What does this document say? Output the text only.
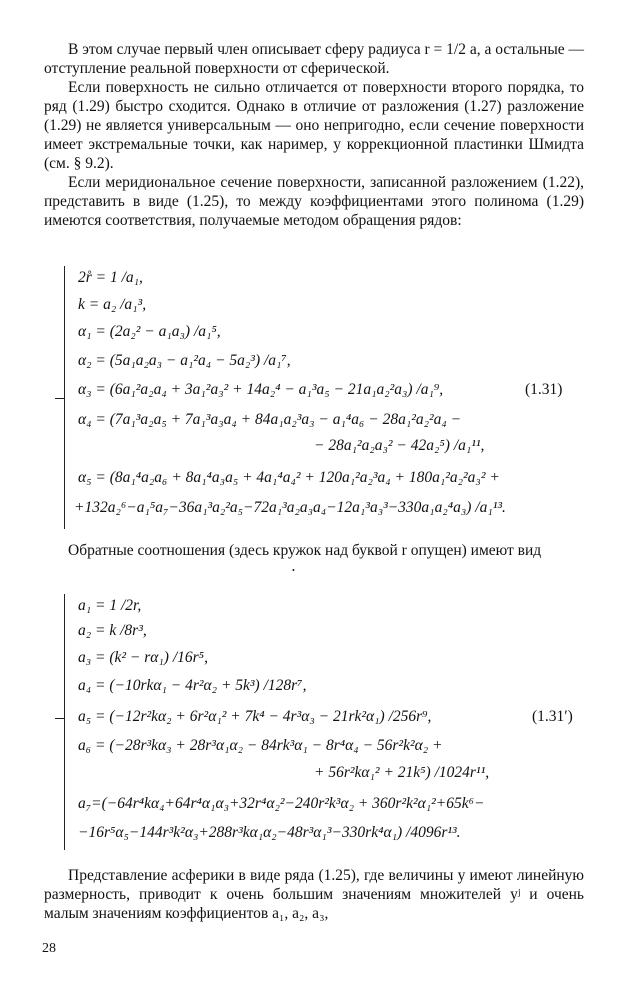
В этом случае первый член описывает сферу радиуса r = 1/2 a, а остальные — отступление реальной поверхности от сферической.

Если поверхность не сильно отличается от поверхности второго порядка, то ряд (1.29) быстро сходится. Однако в отличие от разложения (1.27) разложение (1.29) не является универсальным — оно непригодно, если сечение поверхности имеет экстремальные точки, как наример, у коррекционной пластинки Шмидта (см. § 9.2).

Если меридиональное сечение поверхности, записанной разложением (1.22), представить в виде (1.25), то между коэффициентами этого полинома (1.29) имеются соответствия, получаемые методом обращения рядов:

2r̊ = 1 /a₁,
k = a₂ /a₁³,
α₁ = (2a₂² − a₁a₃) /a₁⁵,
α₂ = (5a₁a₂a₃ − a₁²a₄ − 5a₂³) /a₁⁷,
α₃ = (6a₁²a₂a₄ + 3a₁²a₃² + 14a₂⁴ − a₁³a₅ − 21a₁a₂²a₃) /a₁⁹,
α₄ = (7a₁³a₂a₅ + 7a₁³a₃a₄ + 84a₁a₂³a₃ − a₁⁴a₆ − 28a₁²a₂²a₄ −
− 28a₁²a₂a₃² − 42a₂⁵) /a₁¹¹,
α₅ = (8a₁⁴a₂a₆ + 8a₁⁴a₃a₅ + 4a₁⁴a₄² + 120a₁²a₂³a₄ + 180a₁²a₂²a₃² +
+132a₂⁶−a₁⁵a₇−36a₁³a₂²a₅−72a₁³a₂a₃a₄−12a₁³a₃³−330a₁a₂⁴a₃) /a₁¹³.
(1.31)

Обратные соотношения (здесь кружок над буквой r опущен) имеют вид

•
a₁ = 1 /2r,
a₂ = k /8r³,
a₃ = (k² − rα₁) /16r⁵,
a₄ = (−10rkα₁ − 4r²α₂ + 5k³) /128r⁷,
a₅ = (−12r²kα₂ + 6r²α₁² + 7k⁴ − 4r³α₃ − 21rk²α₁) /256r⁹,
a₆ = (−28r³kα₃ + 28r³α₁α₂ − 84rk³α₁ − 8r⁴α₄ − 56r²k²α₂ +
+ 56r²kα₁² + 21k⁵) /1024r¹¹,
a₇=(−64r⁴kα₄+64r⁴α₁α₃+32r⁴α₂²−240r²k³α₂ + 360r²k²α₁²+65k⁶−
−16r⁵α₅−144r³k²α₃+288r³kα₁α₂−48r³α₁³−330rk⁴α₁) /4096r¹³.
(1.31′)

Представление асферики в виде ряда (1.25), где величины y имеют линейную размерность, приводит к очень большим значениям множителей yʲ и очень малым значениям коэффициентов a₁, a₂, a₃,

28
